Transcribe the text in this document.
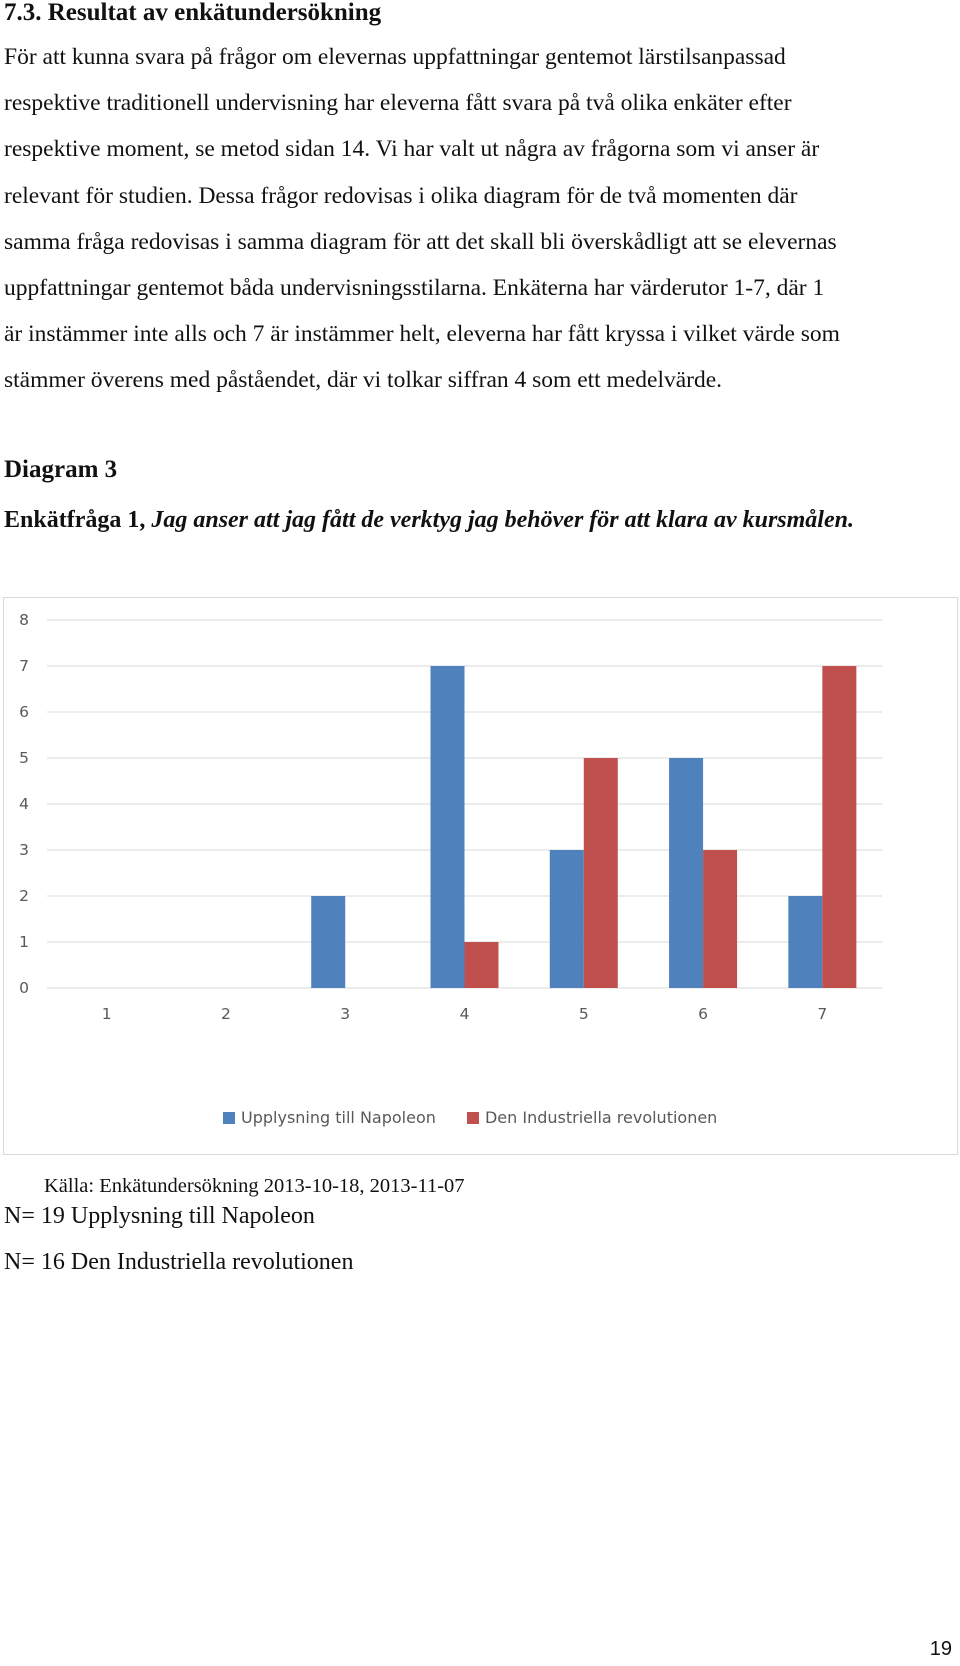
7.3. Resultat av enkätundersökning
För att kunna svara på frågor om elevernas uppfattningar gentemot lärstilsanpassad
respektive traditionell undervisning har eleverna fått svara på två olika enkäter efter
respektive moment, se metod sidan 14. Vi har valt ut några av frågorna som vi anser är
relevant för studien. Dessa frågor redovisas i olika diagram för de två momenten där
samma fråga redovisas i samma diagram för att det skall bli överskådligt att se elevernas
uppfattningar gentemot båda undervisningsstilarna. Enkäterna har värderutor 1-7, där 1
är instämmer inte alls och 7 är instämmer helt, eleverna har fått kryssa i vilket värde som
stämmer överens med påståendet, där vi tolkar siffran 4 som ett medelvärde.
Diagram 3

Enkätfråga 1, Jag anser att jag fått de verktyg jag behöver för att klara av kursmålen.

0
1
2
3
4
5
6
7
8
1	2	3	4	5	6	7
Upplysning till Napoleon
	Den Industriella revolutionen

Källa: Enkätundersökning 2013-10-18, 2013-11-07

N= 19 Upplysning till Napoleon

N= 16 Den Industriella revolutionen

19
